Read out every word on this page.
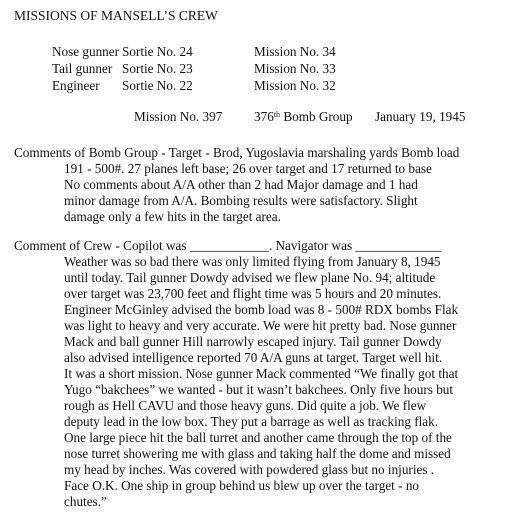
MISSIONS OF MANSELL’S CREW
Nose gunner Sortie No. 24	Mission No. 34
Tail gunner Sortie No. 23	Mission No. 33
Engineer Sortie No. 22	Mission No. 32
Mission No. 397 376th Bomb Group January 19, 1945
Comments of Bomb Group - Target - Brod, Yugoslavia marshaling yards Bomb load
191 - 500#. 27 planes left base; 26 over target and 17 returned to base
No comments about A/A other than 2 had Major damage and 1 had
minor damage from A/A. Bombing results were satisfactory. Slight
damage only a few hits in the target area.
Comment of Crew - Copilot was ____________. Navigator was _____________
Weather was so bad there was only limited flying from January 8, 1945
until today. Tail gunner Dowdy advised we flew plane No. 94; altitude
over target was 23,700 feet and flight time was 5 hours and 20 minutes.
Engineer McGinley advised the bomb load was 8 - 500# RDX bombs Flak
was light to heavy and very accurate. We were hit pretty bad. Nose gunner
Mack and ball gunner Hill narrowly escaped injury. Tail gunner Dowdy
also advised intelligence reported 70 A/A guns at target. Target well hit.
It was a short mission. Nose gunner Mack commented “We finally got that
Yugo “bakchees” we wanted - but it wasn’t bakchees. Only five hours but
rough as Hell CAVU and those heavy guns. Did quite a job. We flew
deputy lead in the low box. They put a barrage as well as tracking flak.
One large piece hit the ball turret and another came through the top of the
nose turret showering me with glass and taking half the dome and missed
my head by inches. Was covered with powdered glass but no injuries .
Face O.K. One ship in group behind us blew up over the target - no
chutes.”
